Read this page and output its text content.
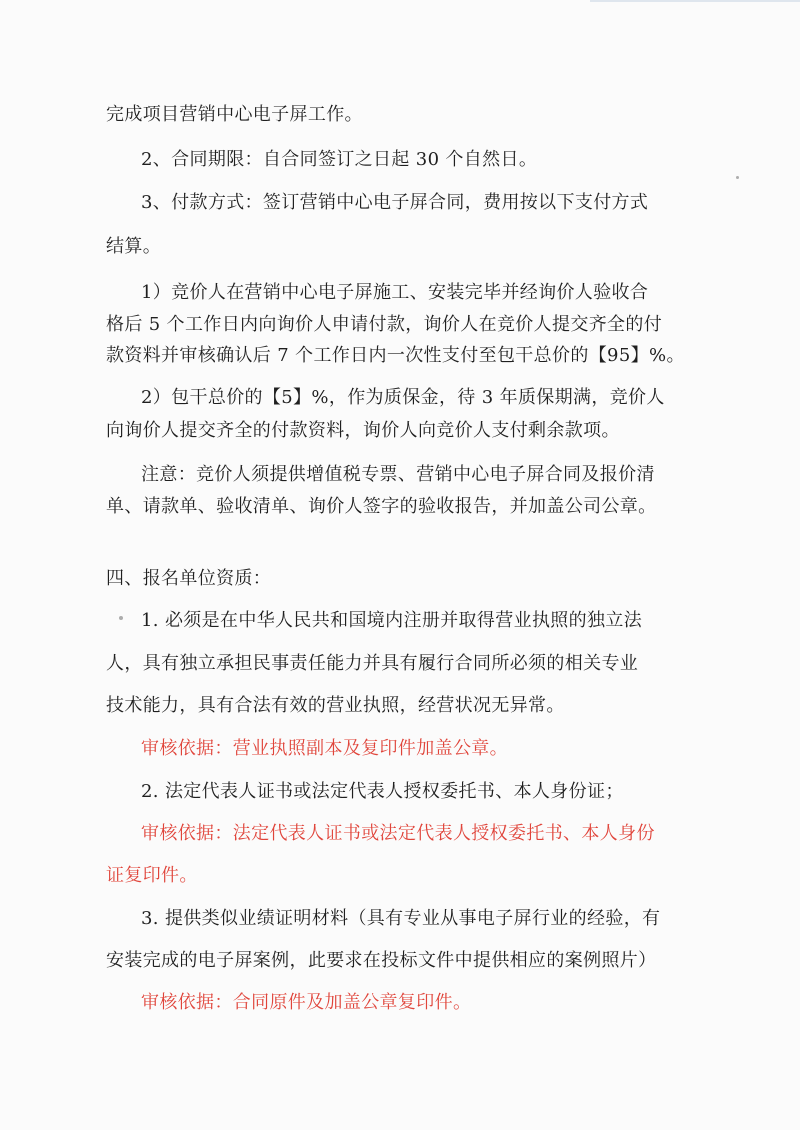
完成项目营销中心电子屏工作。
2、合同期限：自合同签订之日起 30 个自然日。
3、付款方式：签订营销中心电子屏合同，费用按以下支付方式
结算。
1）竞价人在营销中心电子屏施工、安装完毕并经询价人验收合
格后 5 个工作日内向询价人申请付款，询价人在竞价人提交齐全的付
款资料并审核确认后 7 个工作日内一次性支付至包干总价的【95】%。
2）包干总价的【5】%，作为质保金，待 3 年质保期满，竞价人
向询价人提交齐全的付款资料，询价人向竞价人支付剩余款项。
注意：竞价人须提供增值税专票、营销中心电子屏合同及报价清
单、请款单、验收清单、询价人签字的验收报告，并加盖公司公章。
四、报名单位资质：
1. 必须是在中华人民共和国境内注册并取得营业执照的独立法
人，具有独立承担民事责任能力并具有履行合同所必须的相关专业
技术能力，具有合法有效的营业执照，经营状况无异常。
审核依据：营业执照副本及复印件加盖公章。
2. 法定代表人证书或法定代表人授权委托书、本人身份证；
审核依据：法定代表人证书或法定代表人授权委托书、本人身份
证复印件。
3. 提供类似业绩证明材料（具有专业从事电子屏行业的经验，有
安装完成的电子屏案例，此要求在投标文件中提供相应的案例照片）
审核依据：合同原件及加盖公章复印件。
